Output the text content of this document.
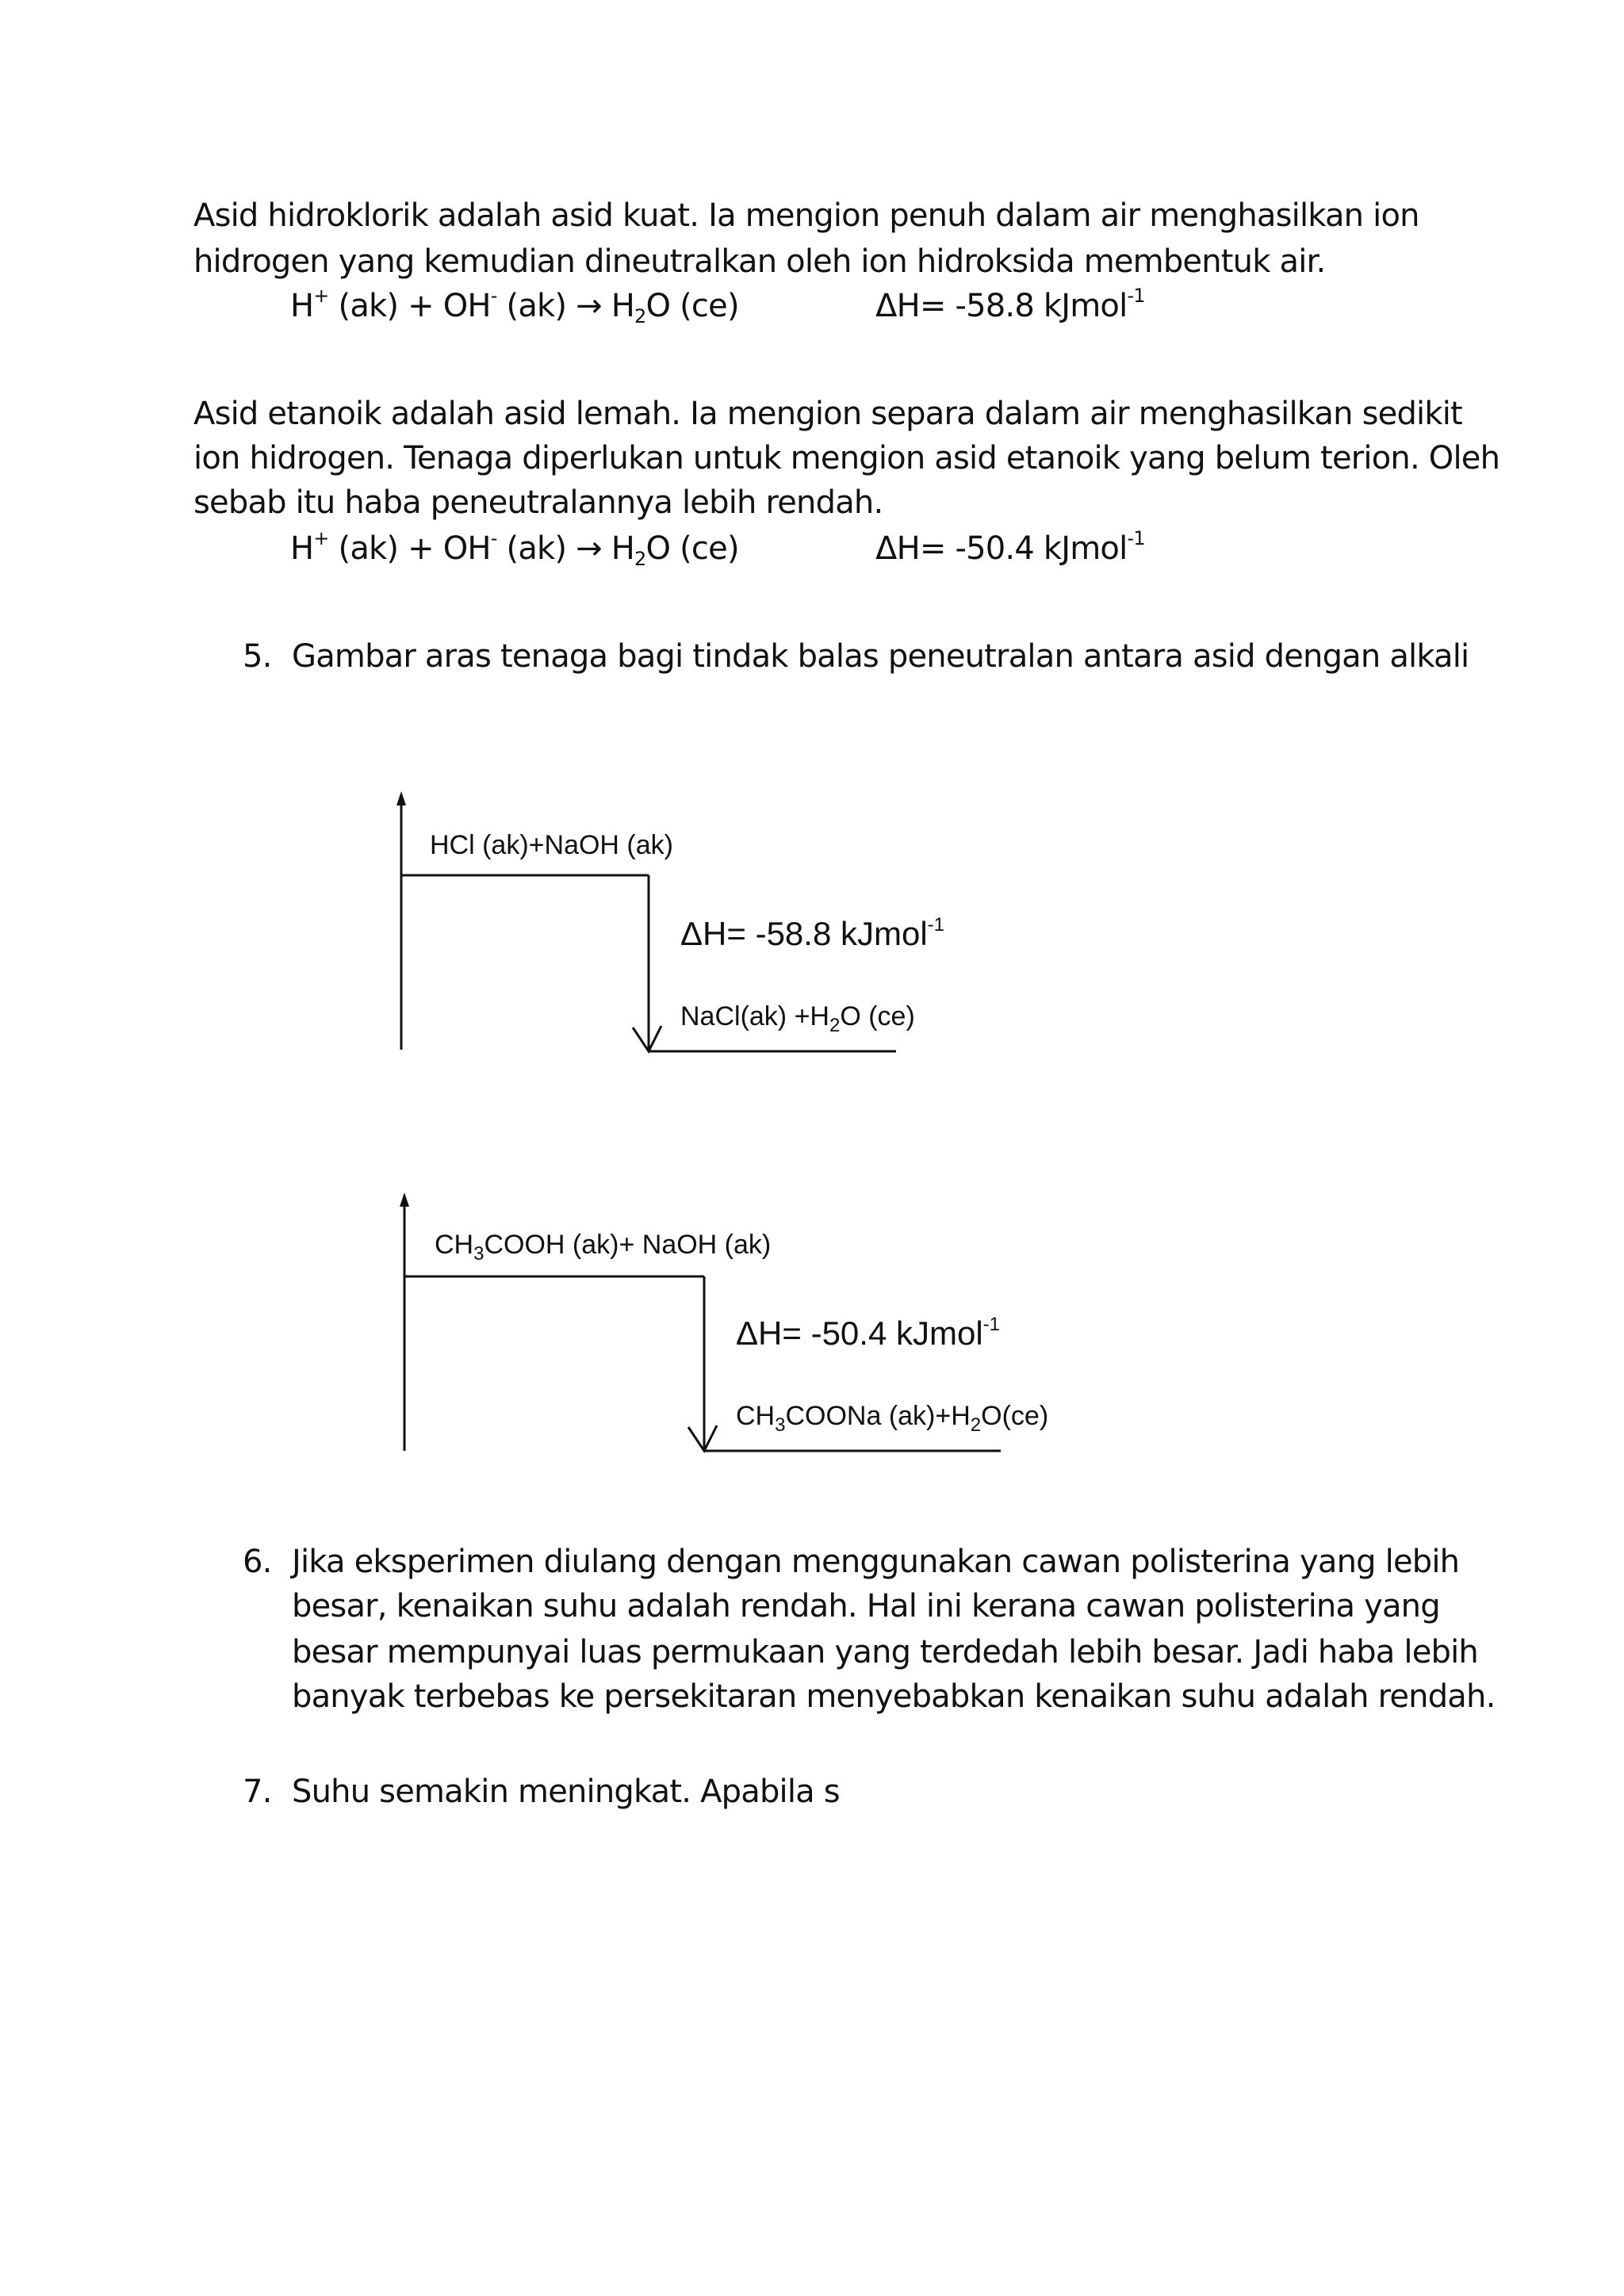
Asid hidroklorik adalah asid kuat. Ia mengion penuh dalam air menghasilkan ion
hidrogen yang kemudian dineutralkan oleh ion hidroksida membentuk air.
H+ (ak) + OH- $(ak) \to H_2O$ (ce)	ΔH= -58.8 kJmol$^{-1}$
Asid etanoik adalah asid lemah. Ia mengion separa dalam air menghasilkan sedikit
ion hidrogen. Tenaga diperlukan untuk mengion asid etanoik yang belum terion. Oleh
sebab itu haba peneutralannya lebih rendah.
H+ (ak) + OH- $(ak) \to H_2O$ (ce)	ΔH= -50.4 kJmol$^{-1}$
5. Gambar aras tenaga bagi tindak balas peneutralan antara asid dengan alkali
HCl (ak)+NaOH (ak)
ΔH= -58.8 kJmol$^{-1}$
NaCl(ak) $+H_2O$ (ce)
$CH_3COOH$ (ak)+ NaOH (ak)
ΔH= -50.4 kJmol$^{-1}$
$CH_3COONa$ $(ak)+H_2O(ce)$
6. Jika eksperimen diulang dengan menggunakan cawan polisterina yang lebih
besar, kenaikan suhu adalah rendah. Hal ini kerana cawan polisterina yang
besar mempunyai luas permukaan yang terdedah lebih besar. Jadi haba lebih
banyak terbebas ke persekitaran menyebabkan kenaikan suhu adalah rendah.
7. Suhu semakin meningkat. Apabila s
